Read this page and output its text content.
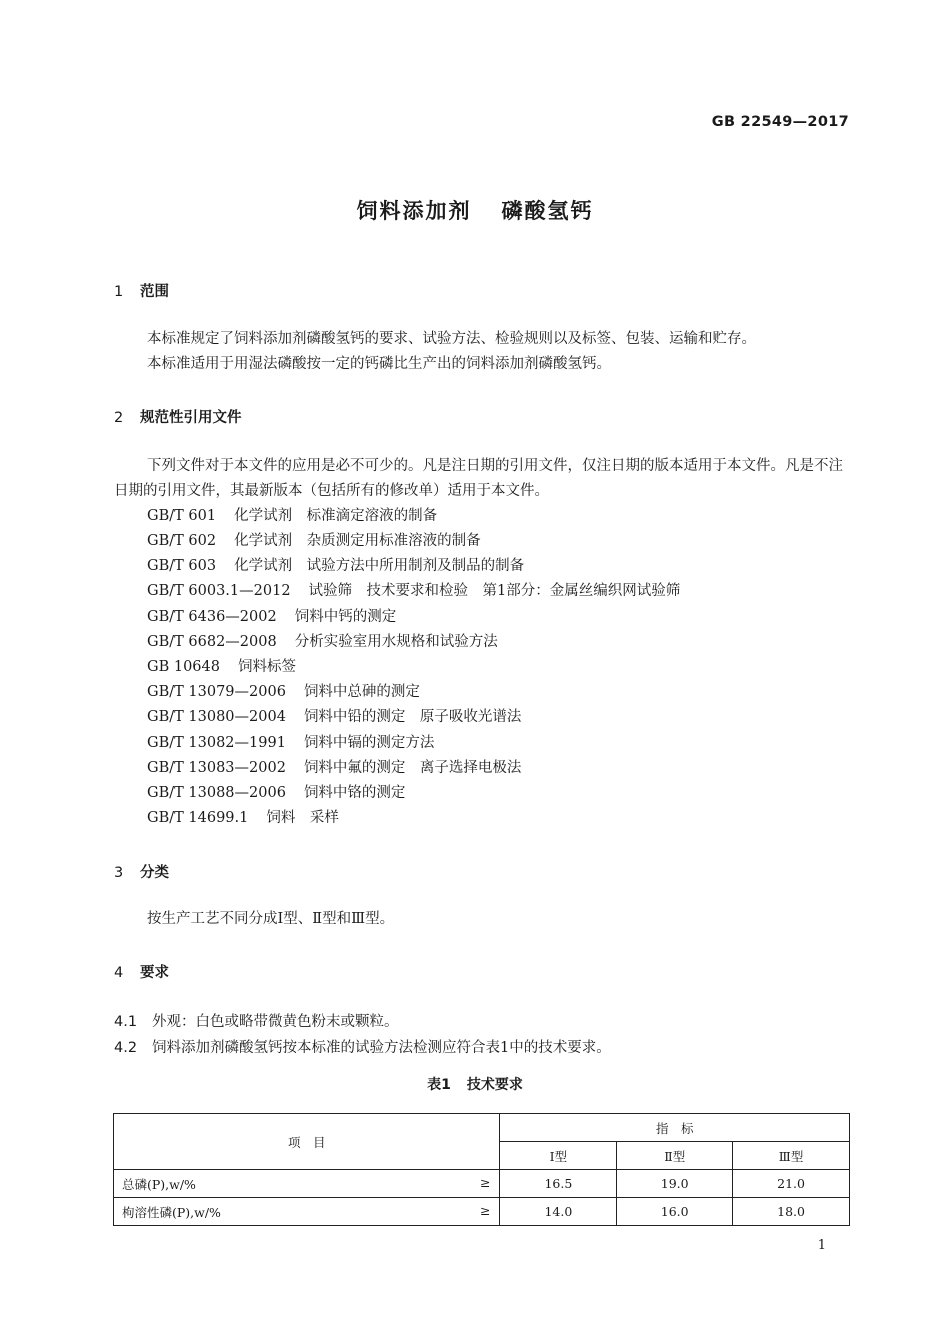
GB 22549—2017
饲料添加剂 磷酸氢钙
1 范围
本标准规定了饲料添加剂磷酸氢钙的要求、试验方法、检验规则以及标签、包装、运输和贮存。
本标准适用于用湿法磷酸按一定的钙磷比生产出的饲料添加剂磷酸氢钙。
2 规范性引用文件
下列文件对于本文件的应用是必不可少的。凡是注日期的引用文件，仅注日期的版本适用于本文件。凡是不注日期的引用文件，其最新版本（包括所有的修改单）适用于本文件。
GB/T 601 化学试剂　标准滴定溶液的制备
GB/T 602 化学试剂　杂质测定用标准溶液的制备
GB/T 603 化学试剂　试验方法中所用制剂及制品的制备
GB/T 6003.1—2012 试验筛　技术要求和检验　第1部分：金属丝编织网试验筛
GB/T 6436—2002 饲料中钙的测定
GB/T 6682—2008 分析实验室用水规格和试验方法
GB 10648 饲料标签
GB/T 13079—2006 饲料中总砷的测定
GB/T 13080—2004 饲料中铅的测定　原子吸收光谱法
GB/T 13082—1991 饲料中镉的测定方法
GB/T 13083—2002 饲料中氟的测定　离子选择电极法
GB/T 13088—2006 饲料中铬的测定
GB/T 14699.1 饲料　采样
3 分类
按生产工艺不同分成Ⅰ型、Ⅱ型和Ⅲ型。
4 要求
4.1 外观：白色或略带微黄色粉末或颗粒。
4.2 饲料添加剂磷酸氢钙按本标准的试验方法检测应符合表1中的技术要求。
表1 技术要求
项　目	指　标		
	Ⅰ型	Ⅱ型	Ⅲ型
总磷(P),w/% ≥	16.5	19.0	21.0
枸溶性磷(P),w/% ≥	14.0	16.0	18.0
1
